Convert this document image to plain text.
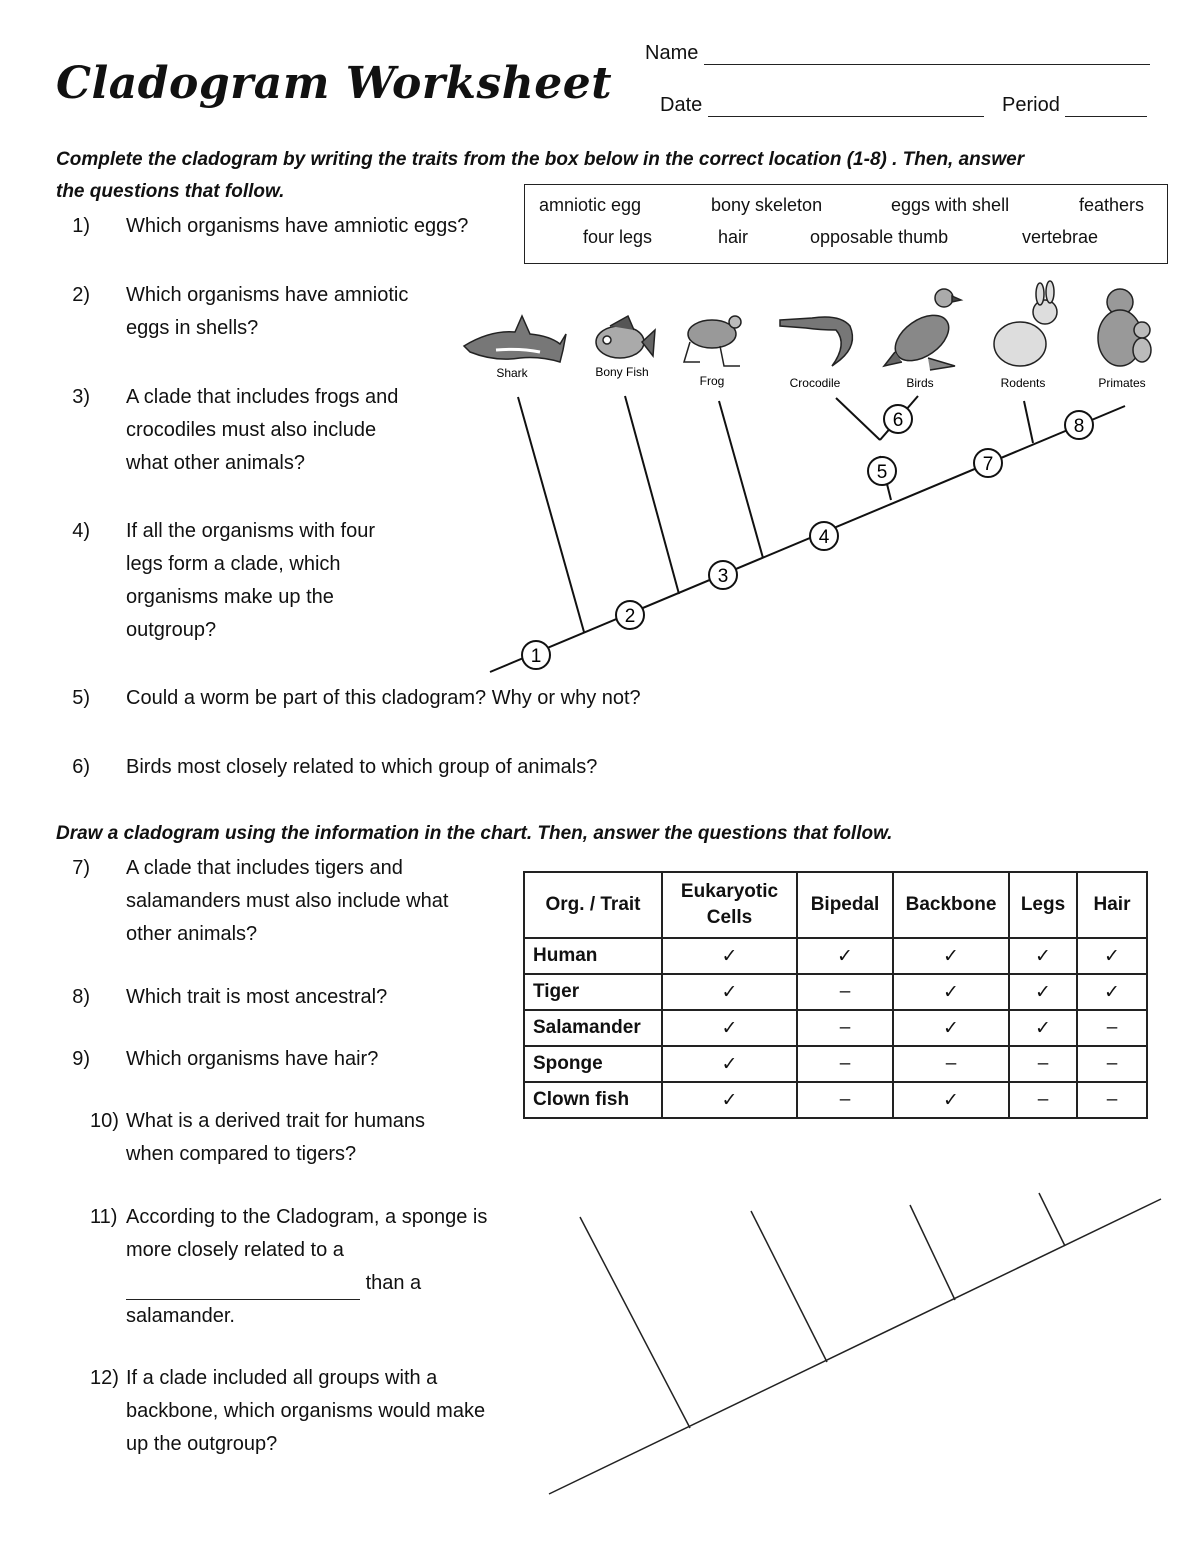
Cladogram Worksheet
Name
Date	Period
Complete the cladogram by writing the traits from the box below in the correct location (1-8) . Then, answer
the questions that follow.
amniotic egg	bony skeleton	eggs with shell	feathers
four legs	hair	opposable thumb	vertebrae
1) Which organisms have amniotic eggs?
2) Which organisms have amniotic
eggs in shells?
3) A clade that includes frogs and
crocodiles must also include
what other animals?
4) If all the organisms with four
legs form a clade, which
organisms make up the
outgroup?
5) Could a worm be part of this cladogram? Why or why not?
6) Birds most closely related to which group of animals?
Shark	Bony Fish
Frog	Crocodile	Birds	Rodents	Primates
1
2
3
4
5
6
7
8
Draw a cladogram using the information in the chart. Then, answer the questions that follow.
7) A clade that includes tigers and
salamanders must also include what
other animals?
8) Which trait is most ancestral?
9) Which organisms have hair?
10) What is a derived trait for humans
when compared to tigers?
11) According to the Cladogram, a sponge is
more closely related to a
than a
salamander.
12) If a clade included all groups with a
backbone, which organisms would make
up the outgroup?
Org. / Trait	Eukaryotic Cells	Bipedal	Backbone	Legs	Hair
Human	✓	✓	✓	✓	✓
Tiger	✓	–	✓	✓	✓
Salamander	✓	–	✓	✓	–
Sponge	✓	–	–	–	–
Clown fish	✓	–	✓	–	–
